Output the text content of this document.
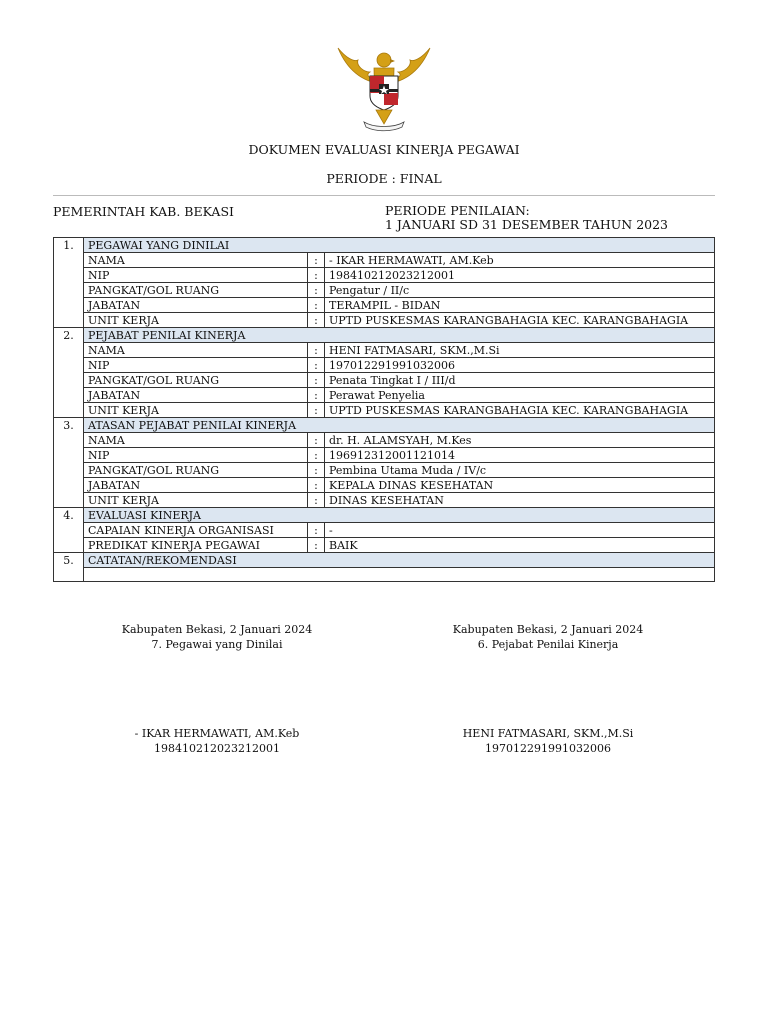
DOKUMEN EVALUASI KINERJA PEGAWAI
PERIODE : FINAL
PEMERINTAH KAB. BEKASI	PERIODE PENILAIAN:
1 JANUARI SD 31 DESEMBER TAHUN 2023
1.	PEGAWAI YANG DINILAI		
	NAMA	:	- IKAR HERMAWATI, AM.Keb
	NIP	:	198410212023212001
	PANGKAT/GOL RUANG	:	Pengatur / II/c
	JABATAN	:	TERAMPIL - BIDAN
	UNIT KERJA	:	UPTD PUSKESMAS KARANGBAHAGIA KEC. KARANGBAHAGIA
2.	PEJABAT PENILAI KINERJA		
	NAMA	:	HENI FATMASARI, SKM.,M.Si
	NIP	:	197012291991032006
	PANGKAT/GOL RUANG	:	Penata Tingkat I / III/d
	JABATAN	:	Perawat Penyelia
	UNIT KERJA	:	UPTD PUSKESMAS KARANGBAHAGIA KEC. KARANGBAHAGIA
3.	ATASAN PEJABAT PENILAI KINERJA		
	NAMA	:	dr. H. ALAMSYAH, M.Kes
	NIP	:	196912312001121014
	PANGKAT/GOL RUANG	:	Pembina Utama Muda / IV/c
	JABATAN	:	KEPALA DINAS KESEHATAN
	UNIT KERJA	:	DINAS KESEHATAN
4.	EVALUASI KINERJA		
	CAPAIAN KINERJA ORGANISASI	:	-
	PREDIKAT KINERJA PEGAWAI	:	BAIK
5.	CATATAN/REKOMENDASI		

Kabupaten Bekasi, 2 Januari 2024
7. Pegawai yang Dinilai
- IKAR HERMAWATI, AM.Keb
198410212023212001
Kabupaten Bekasi, 2 Januari 2024
6. Pejabat Penilai Kinerja
HENI FATMASARI, SKM.,M.Si
197012291991032006
